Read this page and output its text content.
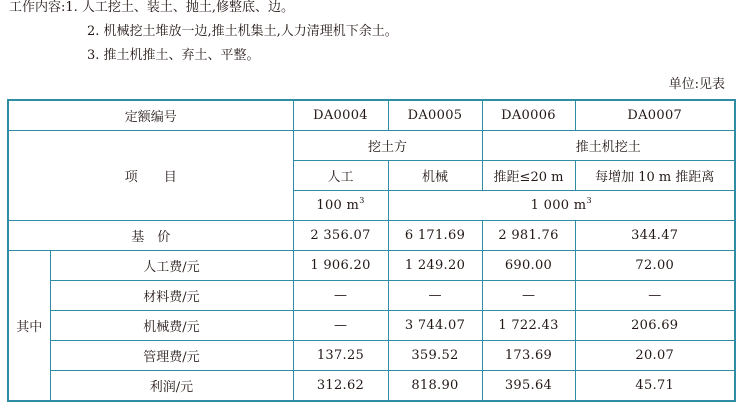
工作内容:1. 人工挖土、装土、抛土,修整底、边。
2. 机械挖土堆放一边,推土机集土,人力清理机下余土。
3. 推土机推土、弃土、平整。
单位:见表
定额编号		DA0004	DA0005	DA0006	DA0007
项　　目		挖土方		推土机挖土	
		人工	机械	推距≤20 m	每增加 10 m 推距离
		100 $m^3$	1 000 $m^3$
基　价		2 356.07	6 171.69	2 981.76	344.47
其中	人工费/元	1 906.20	1 249.20	690.00	72.00
	材料费/元	—	—	—	—
	机械费/元	—	3 744.07	1 722.43	206.69
	管理费/元	137.25	359.52	173.69	20.07
	利润/元	312.62	818.90	395.64	45.71
